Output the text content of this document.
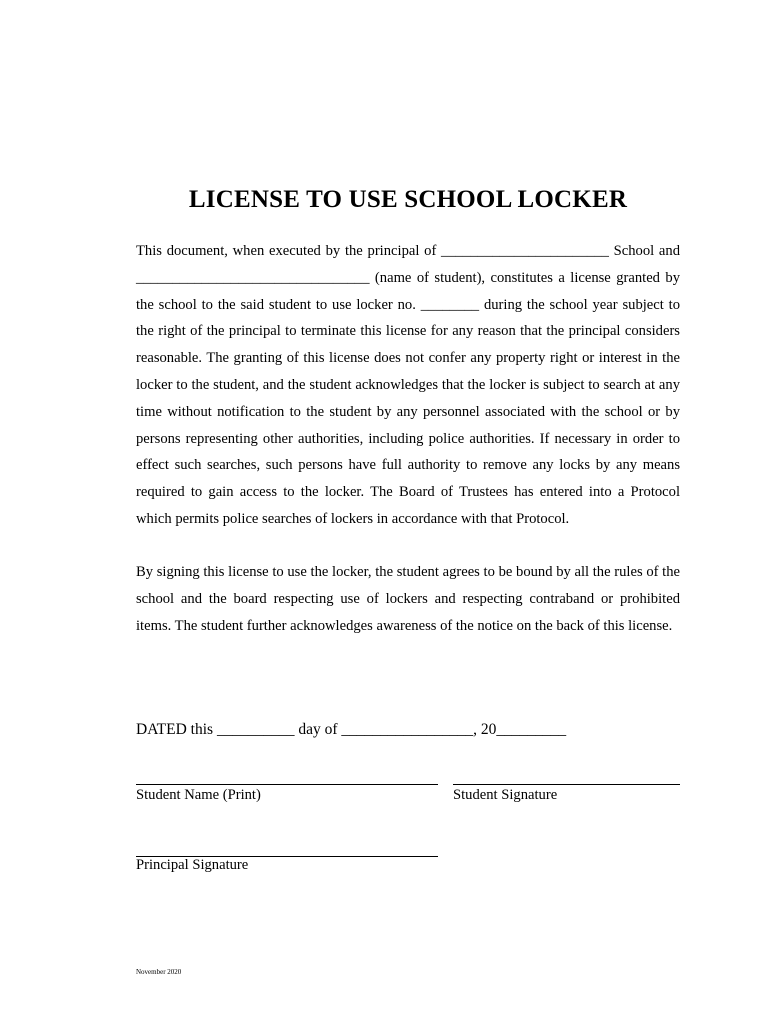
LICENSE TO USE SCHOOL LOCKER
This document, when executed by the principal of _______________________ School and ________________________________ (name of student), constitutes a license granted by the school to the said student to use locker no. ________ during the school year subject to the right of the principal to terminate this license for any reason that the principal considers reasonable. The granting of this license does not confer any property right or interest in the locker to the student, and the student acknowledges that the locker is subject to search at any time without notification to the student by any personnel associated with the school or by persons representing other authorities, including police authorities. If necessary in order to effect such searches, such persons have full authority to remove any locks by any means required to gain access to the locker. The Board of Trustees has entered into a Protocol which permits police searches of lockers in accordance with that Protocol.
By signing this license to use the locker, the student agrees to be bound by all the rules of the school and the board respecting use of lockers and respecting contraband or prohibited items. The student further acknowledges awareness of the notice on the back of this license.
DATED this __________ day of _________________, 20_________
Student Name (Print)	Student Signature
Principal Signature
November 2020
